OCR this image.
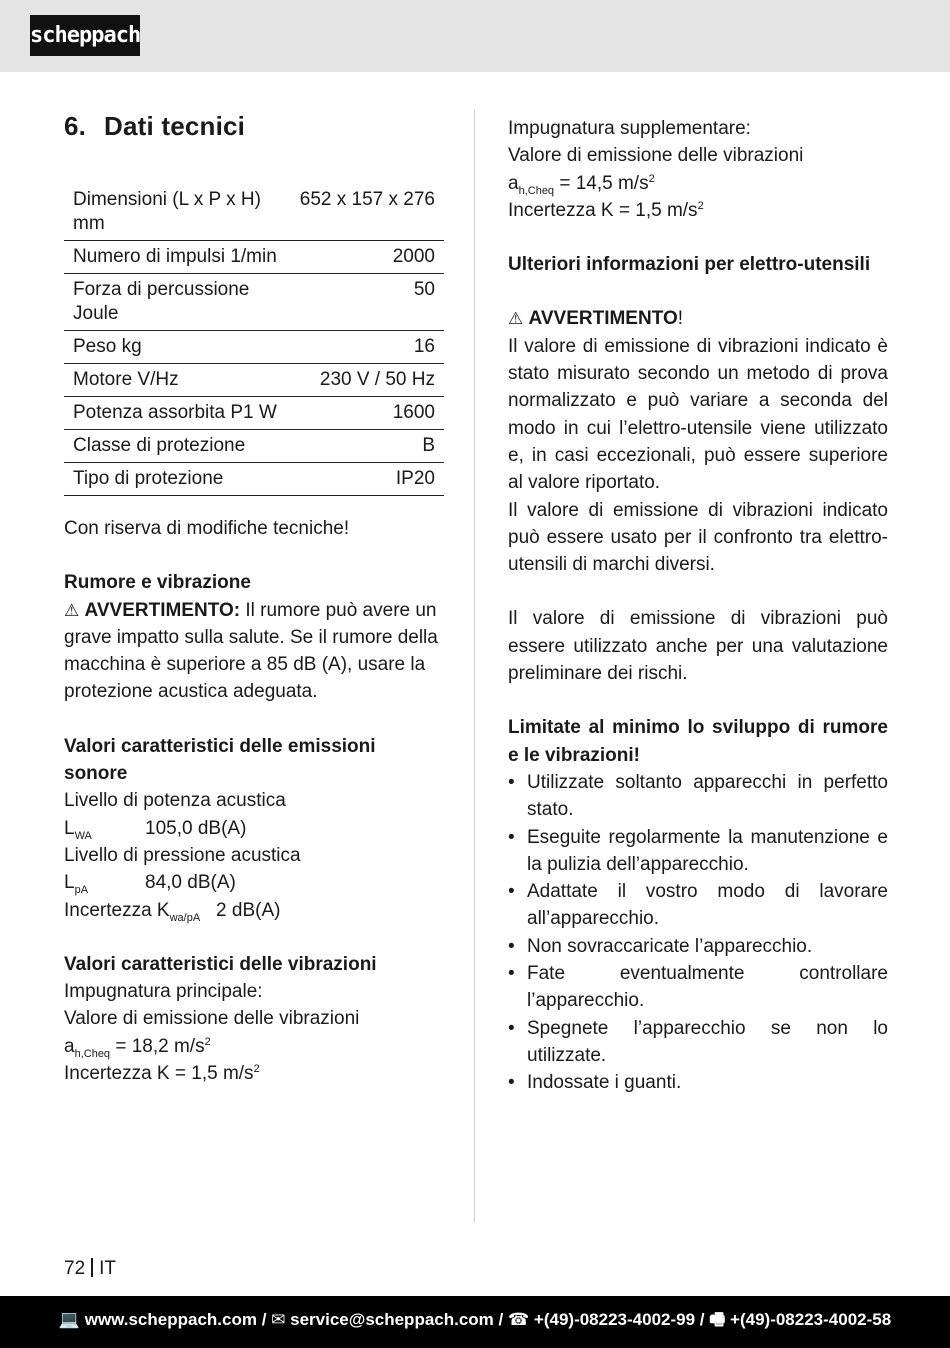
scheppach
6. Dati tecnici
Dimensioni (L x P x H) mm	652 x 157 x 276
Numero di impulsi 1/min	2000
Forza di percussione Joule	50
Peso kg	16
Motore V/Hz	230 V / 50 Hz
Potenza assorbita P1 W	1600
Classe di protezione	B
Tipo di protezione	IP20

Con riserva di modifiche tecniche!

Rumore e vibrazione

⚠ AVVERTIMENTO: Il rumore può avere un grave impatto sulla salute. Se il rumore della macchina è superiore a 85 dB (A), usare la protezione acustica adeguata.

Valori caratteristici delle emissioni sonore

Livello di potenza acustica

$L_{WA}$	105,0 dB(A)

Livello di pressione acustica

$L_{pA}$	84,0 dB(A)

Incertezza $K_{wa/pA}$ 2 dB(A)

Valori caratteristici delle vibrazioni

Impugnatura principale:

Valore di emissione delle vibrazioni

$a_{h,Cheq} = 18,2$ $m/s^2$

Incertezza K = 1,5 $m/s^2$

Impugnatura supplementare:

Valore di emissione delle vibrazioni

$a_{h,Cheq} = 14,5$ $m/s^2$

Incertezza K = 1,5 $m/s^2$

Ulteriori informazioni per elettro-utensili

⚠ AVVERTIMENTO!

Il valore di emissione di vibrazioni indicato è stato misurato secondo un metodo di prova normalizzato e può variare a seconda del modo in cui l’elettro-utensile viene utilizzato e, in casi eccezionali, può essere superiore al valore riportato.

Il valore di emissione di vibrazioni indicato può essere usato per il confronto tra elettro-utensili di marchi diversi.

Il valore di emissione di vibrazioni può essere utilizzato anche per una valutazione preliminare dei rischi.

Limitate al minimo lo sviluppo di rumore e le vibrazioni!

• Utilizzate soltanto apparecchi in perfetto stato.
• Eseguite regolarmente la manutenzione e la pulizia dell’apparecchio.
• Adattate il vostro modo di lavorare all’apparecchio.
• Non sovraccaricate l’apparecchio.
• Fate eventualmente controllare l’apparecchio.
• Spegnete l’apparecchio se non lo utilizzate.
• Indossate i guanti.
72 IT
💻 www.scheppach.com / ✉ service@scheppach.com / ☎ +(49)-08223-4002-99 / 🖷 +(49)-08223-4002-58
